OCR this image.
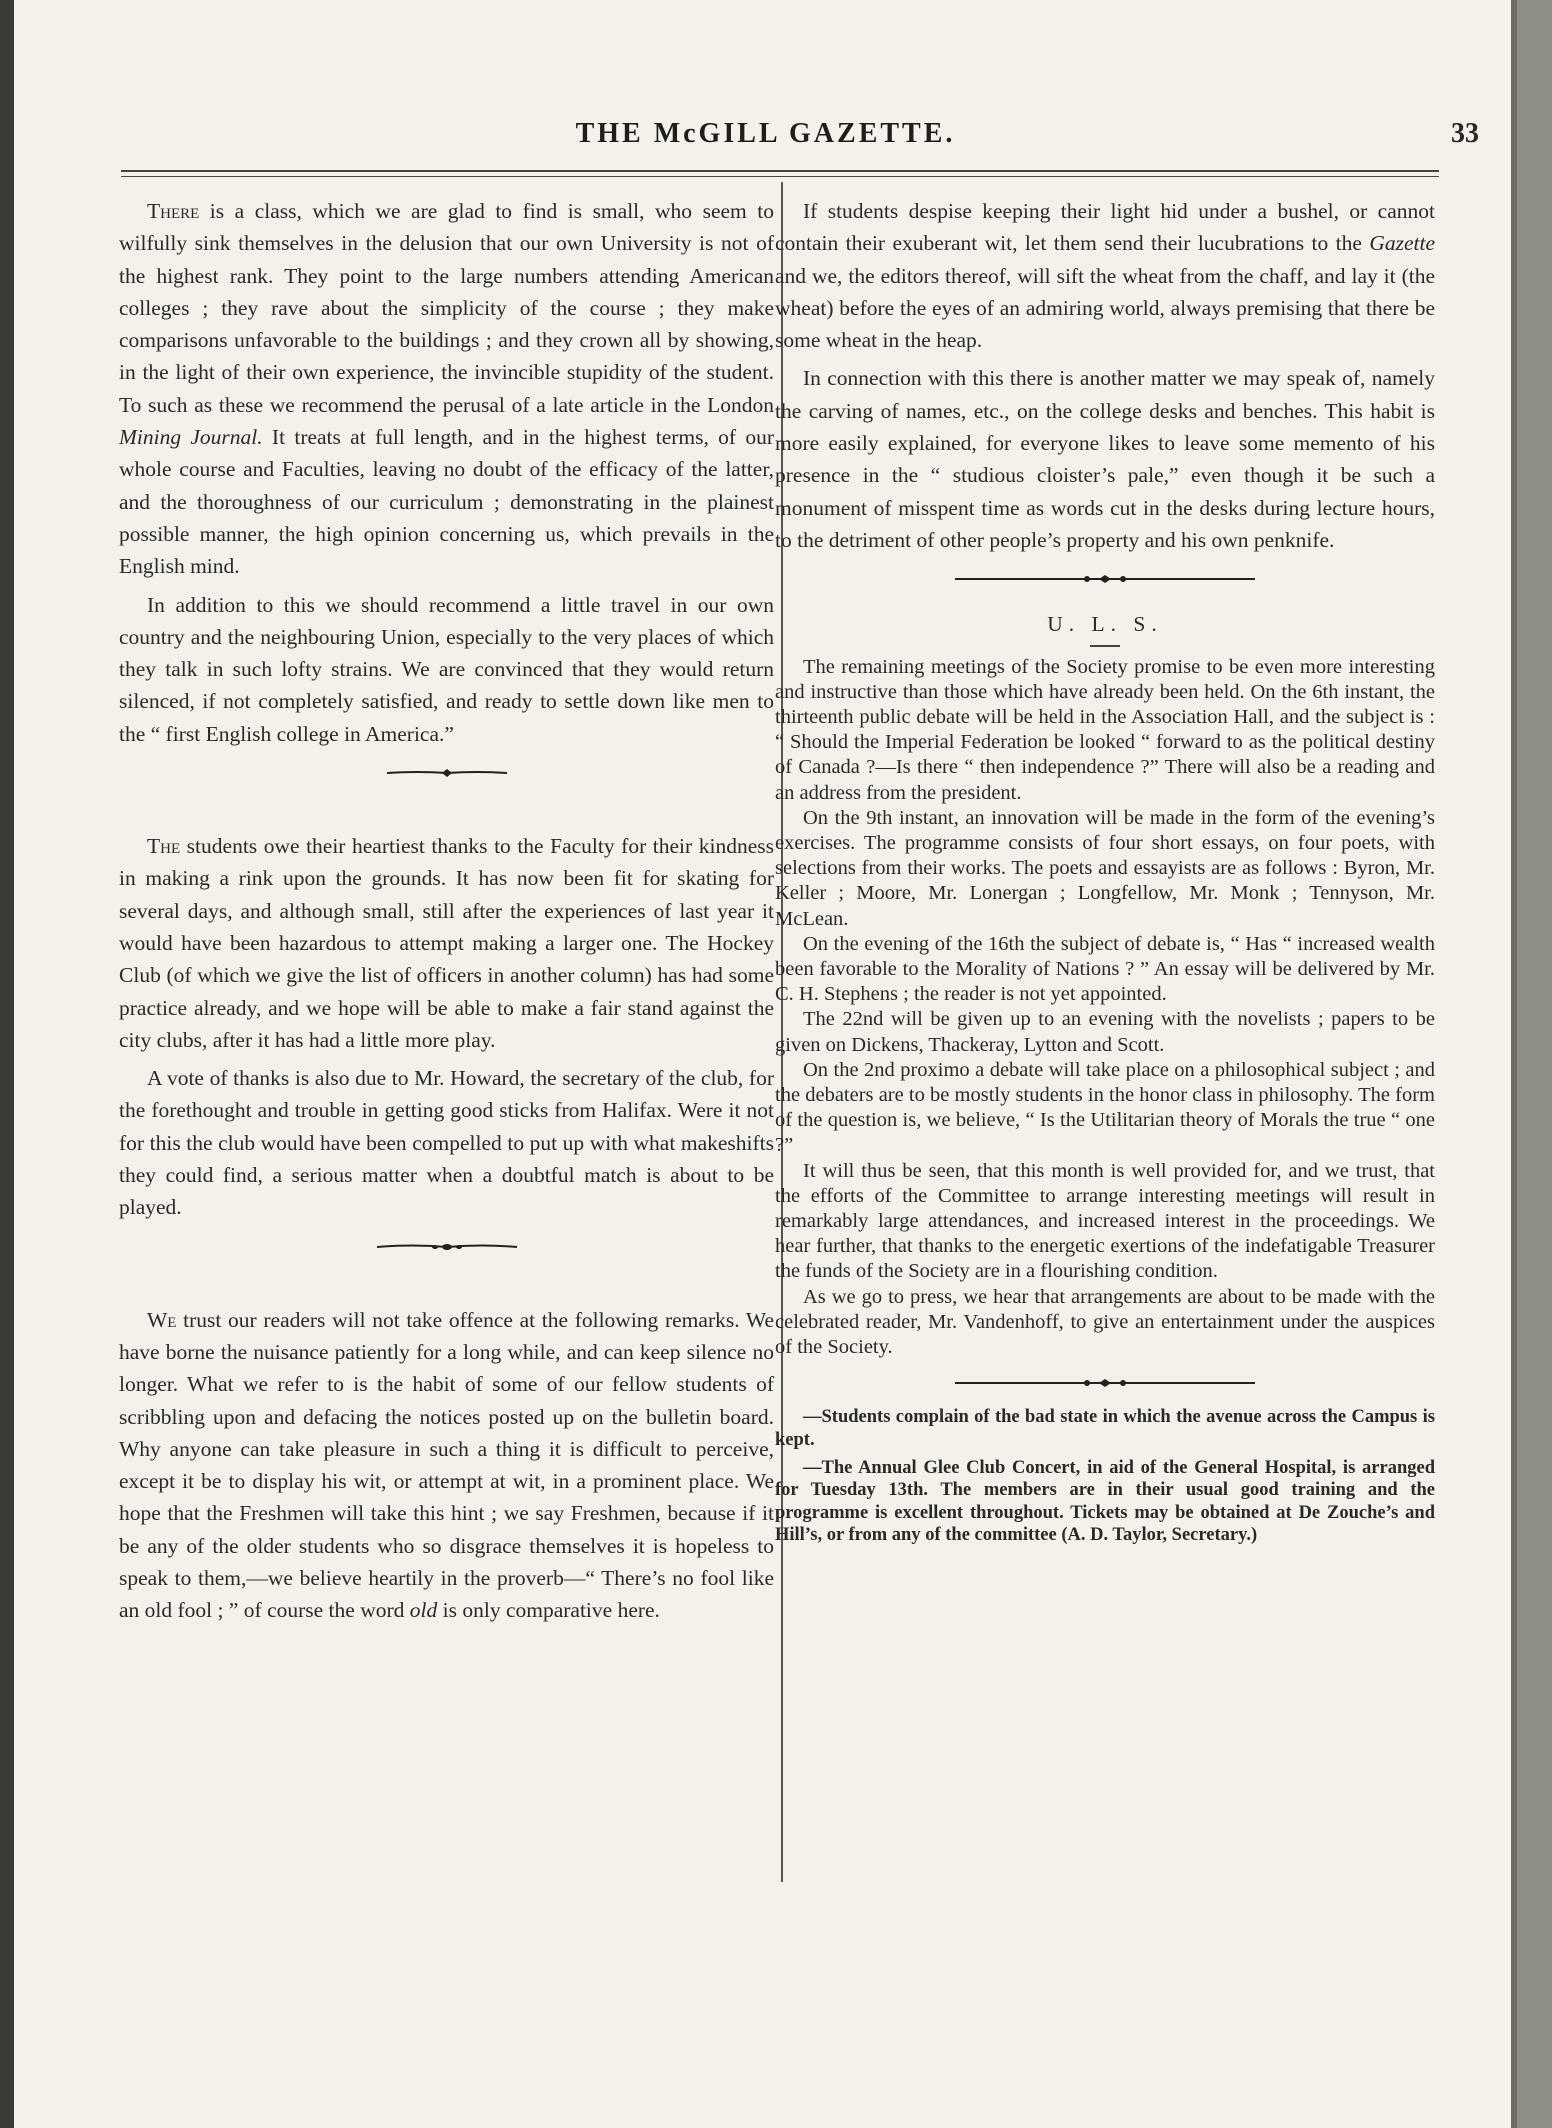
THE McGILL GAZETTE.	33

There is a class, which we are glad to find is small, who seem to wilfully sink themselves in the delusion that our own University is not of the highest rank. They point to the large numbers attending American colleges ; they rave about the simplicity of the course ; they make comparisons unfavorable to the buildings ; and they crown all by showing, in the light of their own experience, the invincible stupidity of the student. To such as these we recommend the perusal of a late article in the London Mining Journal. It treats at full length, and in the highest terms, of our whole course and Faculties, leaving no doubt of the efficacy of the latter, and the thoroughness of our curriculum ; demonstrating in the plainest possible manner, the high opinion concerning us, which prevails in the English mind.

In addition to this we should recommend a little travel in our own country and the neighbouring Union, especially to the very places of which they talk in such lofty strains. We are convinced that they would return silenced, if not completely satisfied, and ready to settle down like men to the “ first English college in America.”

The students owe their heartiest thanks to the Faculty for their kindness in making a rink upon the grounds. It has now been fit for skating for several days, and although small, still after the experiences of last year it would have been hazardous to attempt making a larger one. The Hockey Club (of which we give the list of officers in another column) has had some practice already, and we hope will be able to make a fair stand against the city clubs, after it has had a little more play.

A vote of thanks is also due to Mr. Howard, the secretary of the club, for the forethought and trouble in getting good sticks from Halifax. Were it not for this the club would have been compelled to put up with what makeshifts they could find, a serious matter when a doubtful match is about to be played.

We trust our readers will not take offence at the following remarks. We have borne the nuisance patiently for a long while, and can keep silence no longer. What we refer to is the habit of some of our fellow students of scribbling upon and defacing the notices posted up on the bulletin board. Why anyone can take pleasure in such a thing it is difficult to perceive, except it be to display his wit, or attempt at wit, in a prominent place. We hope that the Freshmen will take this hint ; we say Freshmen, because if it be any of the older students who so disgrace themselves it is hopeless to speak to them,—we believe heartily in the proverb—“ There’s no fool like an old fool ; ” of course the word old is only comparative here.

If students despise keeping their light hid under a bushel, or cannot contain their exuberant wit, let them send their lucubrations to the Gazette and we, the editors thereof, will sift the wheat from the chaff, and lay it (the wheat) before the eyes of an admiring world, always premising that there be some wheat in the heap.

In connection with this there is another matter we may speak of, namely the carving of names, etc., on the college desks and benches. This habit is more easily explained, for everyone likes to leave some memento of his presence in the “ studious cloister’s pale,” even though it be such a monument of misspent time as words cut in the desks during lecture hours, to the detriment of other people’s property and his own penknife.

U. L. S.

The remaining meetings of the Society promise to be even more interesting and instructive than those which have already been held. On the 6th instant, the thirteenth public debate will be held in the Association Hall, and the subject is : “ Should the Imperial Federation be looked “ forward to as the political destiny of Canada ?—Is there “ then independence ?” There will also be a reading and an address from the president.

On the 9th instant, an innovation will be made in the form of the evening’s exercises. The programme consists of four short essays, on four poets, with selections from their works. The poets and essayists are as follows : Byron, Mr. Keller ; Moore, Mr. Lonergan ; Longfellow, Mr. Monk ; Tennyson, Mr. McLean.

On the evening of the 16th the subject of debate is, “ Has “ increased wealth been favorable to the Morality of Nations ? ” An essay will be delivered by Mr. C. H. Stephens ; the reader is not yet appointed.

The 22nd will be given up to an evening with the novelists ; papers to be given on Dickens, Thackeray, Lytton and Scott.

On the 2nd proximo a debate will take place on a philosophical subject ; and the debaters are to be mostly students in the honor class in philosophy. The form of the question is, we believe, “ Is the Utilitarian theory of Morals the true “ one ?”

It will thus be seen, that this month is well provided for, and we trust, that the efforts of the Committee to arrange interesting meetings will result in remarkably large attendances, and increased interest in the proceedings. We hear further, that thanks to the energetic exertions of the indefatigable Treasurer the funds of the Society are in a flourishing condition.

As we go to press, we hear that arrangements are about to be made with the celebrated reader, Mr. Vandenhoff, to give an entertainment under the auspices of the Society.

—Students complain of the bad state in which the avenue across the Campus is kept.

—The Annual Glee Club Concert, in aid of the General Hospital, is arranged for Tuesday 13th. The members are in their usual good training and the programme is excellent throughout. Tickets may be obtained at De Zouche’s and Hill’s, or from any of the committee (A. D. Taylor, Secretary.)
